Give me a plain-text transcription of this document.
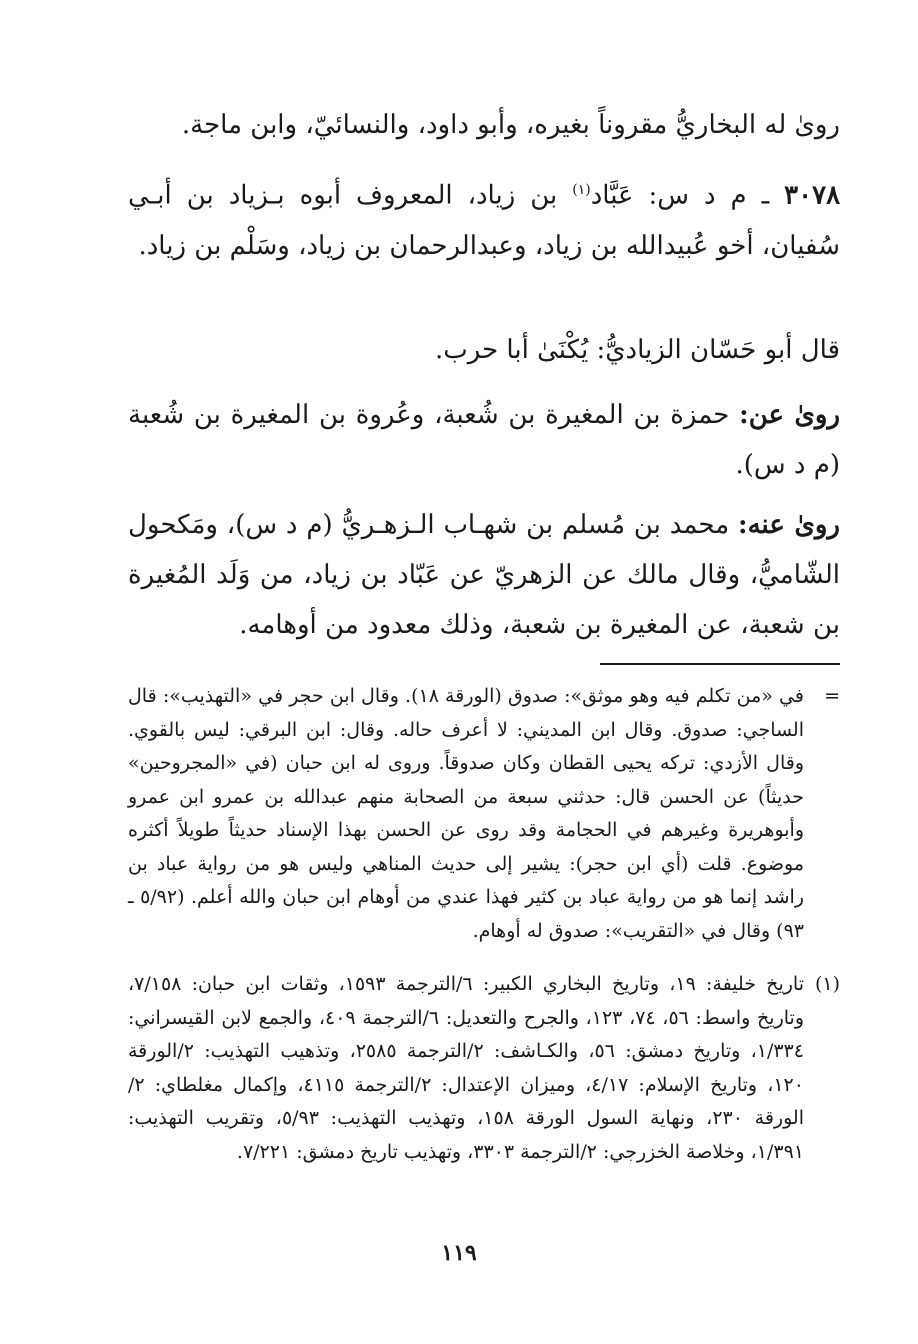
روىٰ له البخاريُّ مقروناً بغيره، وأبو داود، والنسائيّ، وابن ماجة.

٣٠٧٨ ـ م د س: عَبَّاد$^{(١)}$ بن زياد، المعروف أبوه بـزياد بن أبـي سُفيان، أخو عُبيدالله بن زياد، وعبدالرحمان بن زياد، وسَلْم بن زياد.

قال أبو حَسّان الزياديُّ: يُكْنَىٰ أبا حرب.

روىٰ عن: حمزة بن المغيرة بن شُعبة، وعُروة بن المغيرة بن شُعبة (م د س).

روىٰ عنه: محمد بن مُسلم بن شهـاب الـزهـريُّ (م د س)، ومَكحول الشّاميُّ، وقال مالك عن الزهريّ عن عَبّاد بن زياد، من وَلَد المُغيرة بن شعبة، عن المغيرة بن شعبة، وذلك معدود من أوهامه.

=
في «من تكلم فيه وهو موثق»: صدوق (الورقة ١٨). وقال ابن حجر في «التهذيب»: قال الساجي: صدوق. وقال ابن المديني: لا أعرف حاله. وقال: ابن البرقي: ليس بالقوي. وقال الأزدي: تركه يحيى القطان وكان صدوقاً. وروى له ابن حبان (في «المجروحين» حديثاً) عن الحسن قال: حدثني سبعة من الصحابة منهم عبدالله بن عمرو ابن عمرو وأبوهريرة وغيرهم في الحجامة وقد روى عن الحسن بهذا الإسناد حديثاً طويلاً أكثره موضوع. قلت (أي ابن حجر): يشير إلى حديث المناهي وليس هو من رواية عباد بن راشد إنما هو من رواية عباد بن كثير فهذا عندي من أوهام ابن حبان والله أعلم. (٥/٩٢ ـ ٩٣) وقال في «التقريب»: صدوق له أوهام.
(١)
تاريخ خليفة: ١٩، وتاريخ البخاري الكبير: ٦/الترجمة ١٥٩٣، وثقات ابن حبان: ٧/١٥٨، وتاريخ واسط: ٥٦، ٧٤، ١٢٣، والجرح والتعديل: ٦/الترجمة ٤٠٩، والجمع لابن القيسراني: ١/٣٣٤، وتاريخ دمشق: ٥٦، والكـاشف: ٢/الترجمة ٢٥٨٥، وتذهيب التهذيب: ٢/الورقة ١٢٠، وتاريخ الإسلام: ٤/١٧، وميزان الإعتدال: ٢/الترجمة ٤١١٥، وإكمال مغلطاي: ٢/الورقة ٢٣٠، ونهاية السول الورقة ١٥٨، وتهذيب التهذيب: ٥/٩٣، وتقريب التهذيب: ١/٣٩١، وخلاصة الخزرجي: ٢/الترجمة ٣٣٠٣، وتهذيب تاريخ دمشق: ٧/٢٢١.
١١٩
